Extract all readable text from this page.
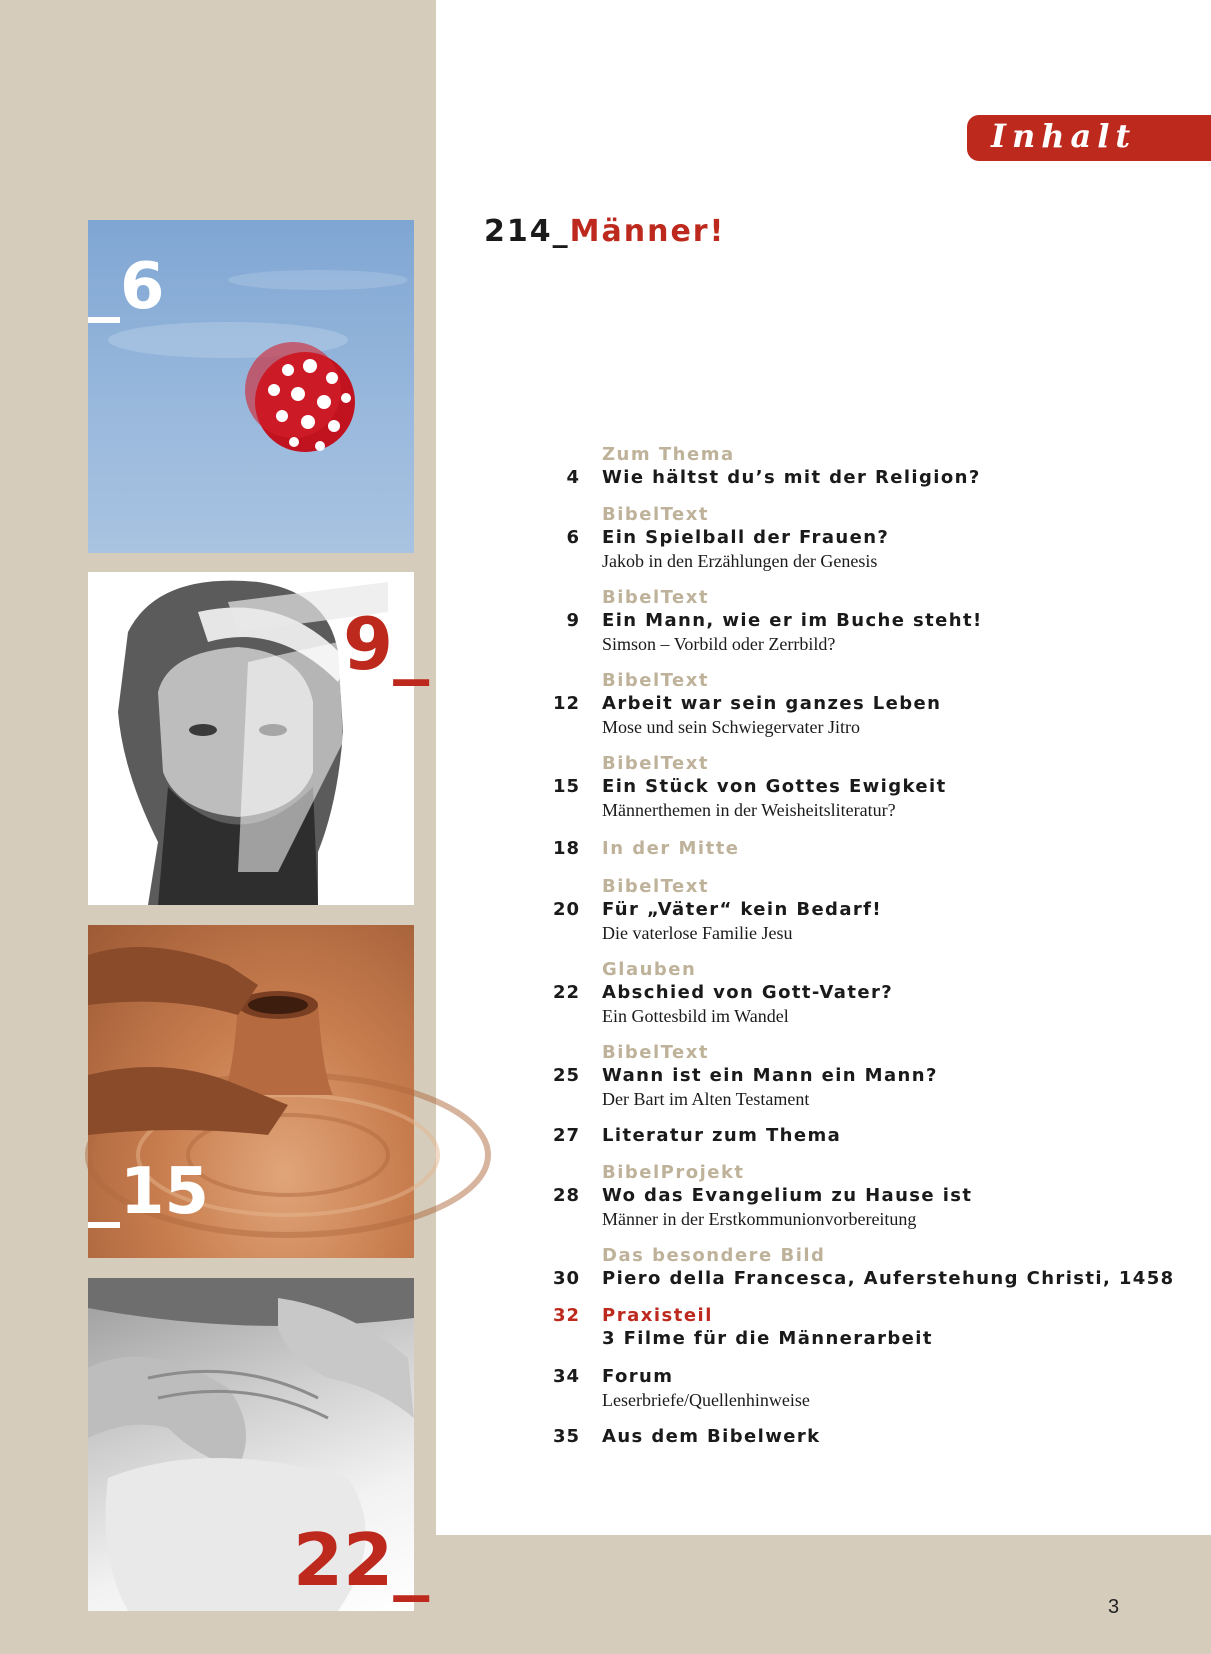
Inhalt
214_Männer!
_6
9_
_15
22_
Zum Thema
4 Wie hältst du’s mit der Religion?
BibelText
6 Ein Spielball der Frauen?
Jakob in den Erzählungen der Genesis
BibelText
9 Ein Mann, wie er im Buche steht!
Simson – Vorbild oder Zerrbild?
BibelText
12 Arbeit war sein ganzes Leben
Mose und sein Schwiegervater Jitro
BibelText
15 Ein Stück von Gottes Ewigkeit
Männerthemen in der Weisheitsliteratur?
18 In der Mitte
BibelText
20 Für „Väter“ kein Bedarf!
Die vaterlose Familie Jesu
Glauben
22 Abschied von Gott-Vater?
Ein Gottesbild im Wandel
BibelText
25 Wann ist ein Mann ein Mann?
Der Bart im Alten Testament
27 Literatur zum Thema
BibelProjekt
28 Wo das Evangelium zu Hause ist
Männer in der Erstkommunionvorbereitung
Das besondere Bild
30 Piero della Francesca, Auferstehung Christi, 1458
32 Praxisteil
3 Filme für die Männerarbeit
34 Forum
Leserbriefe/Quellenhinweise
35 Aus dem Bibelwerk
3
